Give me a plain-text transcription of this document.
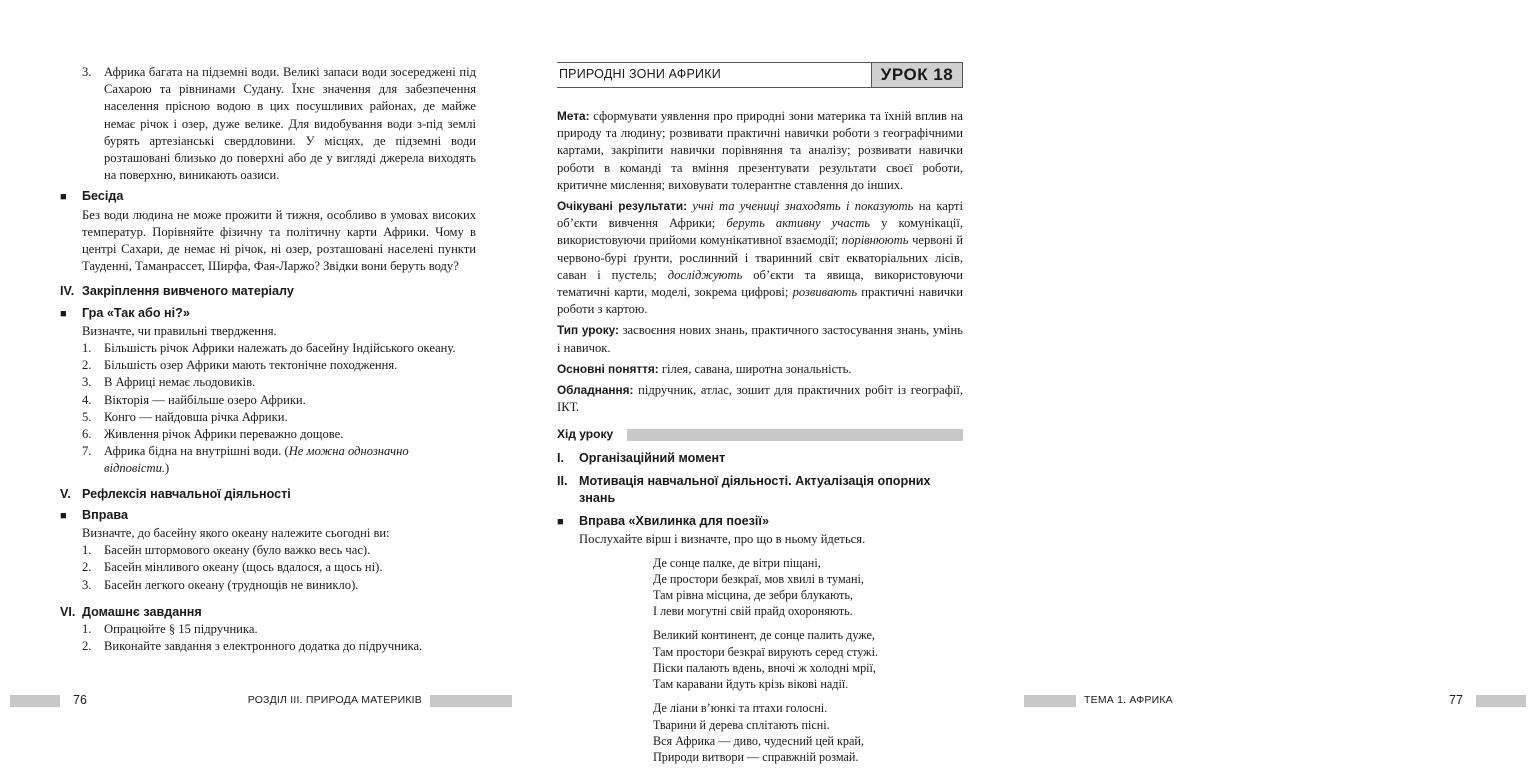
3. Африка багата на підземні води. Великі запаси води зосереджені під Сахарою та рівнинами Судану. Їхнє значення для забезпечення населення прісною водою в цих посушливих районах, де майже немає річок і озер, дуже велике. Для видобування води з-під землі бурять артезіанські свердловини. У місцях, де підземні води розташовані близько до поверхні або де у вигляді джерела виходять на поверхню, виникають оазиси.
■	Бесіда

Без води людина не може прожити й тижня, особливо в умовах високих температур. Порівняйте фізичну та політичну карти Африки. Чому в центрі Сахари, де немає ні річок, ні озер, розташовані населені пункти Тауденні, Таманрассет, Ширфа, Фая-Ларжо? Звідки вони беруть воду?

IV. Закріплення вивченого матеріалу
■	Гра «Так або ні?»

Визначте, чи правильні твердження.

1. Більшість річок Африки належать до басейну Індійського океану.
2. Більшість озер Африки мають тектонічне походження.
3. В Африці немає льодовиків.
4. Вікторія — найбільше озеро Африки.
5. Конго — найдовша річка Африки.
6. Живлення річок Африки переважно дощове.
7. Африка бідна на внутрішні води. (Не можна однозначно відповісти.)
V. Рефлексія навчальної діяльності
■	Вправа

Визначте, до басейну якого океану належите сьогодні ви:

1. Басейн штормового океану (було важко весь час).
2. Басейн мінливого океану (щось вдалося, а щось ні).
3. Басейн легкого океану (труднощів не виникло).
VI. Домашнє завдання
1. Опрацюйте § 15 підручника.
2. Виконайте завдання з електронного додатка до підручника.
76	РОЗДІЛ ІІІ. ПРИРОДА МАТЕРИКІВ
ПРИРОДНІ ЗОНИ АФРИКИ	УРОК 18

Мета: сформувати уявлення про природні зони материка та їхній вплив на природу та людину; розвивати практичні навички роботи з географічними картами, закріпити навички порівняння та аналізу; розвивати навички роботи в команді та вміння презентувати результати своєї роботи, критичне мислення; виховувати толерантне ставлення до інших.

Очікувані результати: учні та учениці знаходять і показують на карті об’єкти вивчення Африки; беруть активну участь у комунікації, використовуючи прийоми комунікативної взаємодії; порівнюють червоні й червоно-бурі ґрунти, рослинний і тваринний світ екваторіальних лісів, саван і пустель; досліджують об’єкти та явища, використовуючи тематичні карти, моделі, зокрема цифрові; розвивають практичні навички роботи з картою.

Тип уроку: засвоєння нових знань, практичного застосування знань, умінь і навичок.

Основні поняття: гілея, савана, широтна зональність.

Обладнання: підручник, атлас, зошит для практичних робіт із географії, ІКТ.

Хід уроку
I.	Організаційний момент
II. Мотивація навчальної діяльності. Актуалізація опорних знань
■	Вправа «Хвилинка для поезії»

Послухайте вірш і визначте, про що в ньому йдеться.

Де сонце палке, де вітри піщані,
Де простори безкраї, мов хвилі в тумані,
Там рівна місцина, де зебри блукають,
І леви могутні свій прайд охороняють.
Великий континент, де сонце палить дуже,
Там простори безкраї вирують серед стужі.
Піски палають вдень, вночі ж холодні мрії,
Там каравани йдуть крізь вікові надії.
Де ліани в’юнкі та птахи голосні.
Тварини й дерева сплітають пісні.
Вся Африка — диво, чудесний цей край,
Природи витвори — справжній розмай.
ТЕМА 1. АФРИКА	77
